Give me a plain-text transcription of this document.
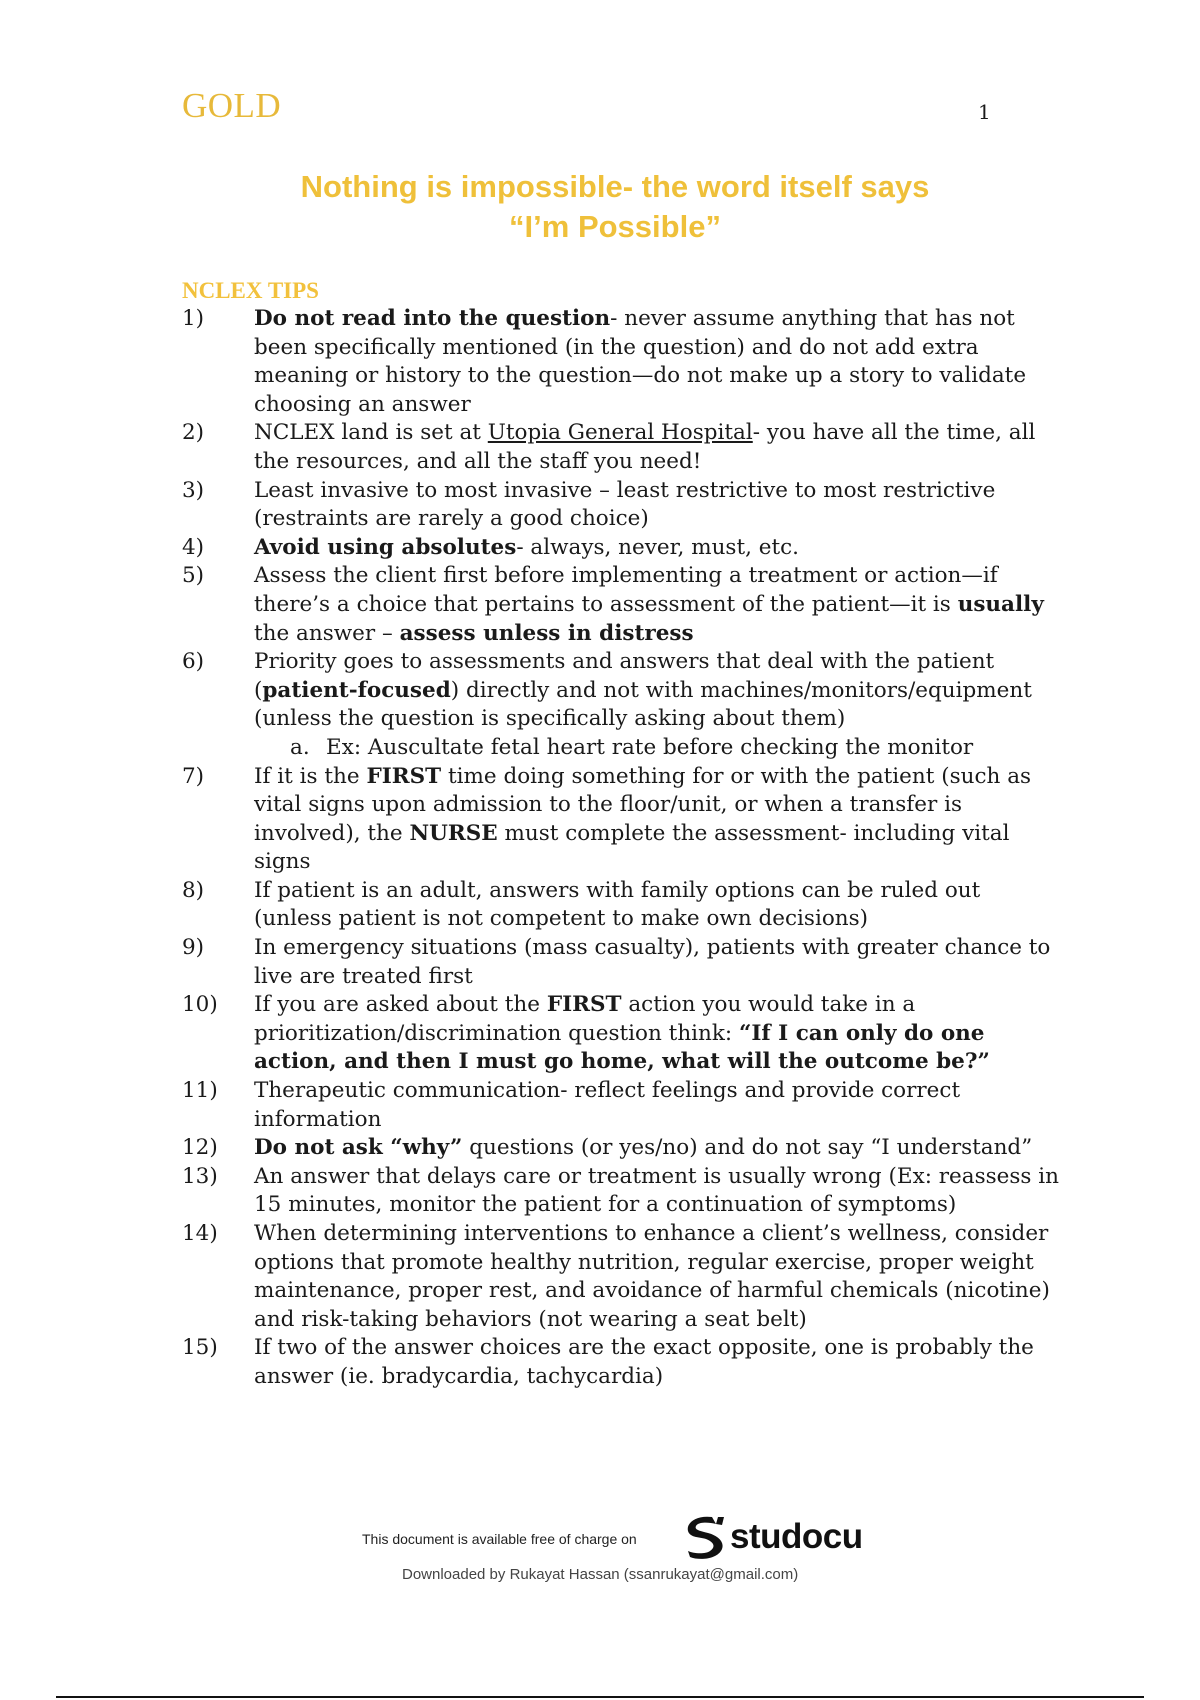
GOLD	1
Nothing is impossible- the word itself says
“I’m Possible”
NCLEX TIPS
1) Do not read into the question- never assume anything that has not been specifically mentioned (in the question) and do not add extra meaning or history to the question—do not make up a story to validate choosing an answer
2) NCLEX land is set at Utopia General Hospital- you have all the time, all the resources, and all the staff you need!
3) Least invasive to most invasive – least restrictive to most restrictive (restraints are rarely a good choice)
4) Avoid using absolutes- always, never, must, etc.
5) Assess the client first before implementing a treatment or action—if there’s a choice that pertains to assessment of the patient—it is usually the answer – assess unless in distress
6) Priority goes to assessments and answers that deal with the patient (patient-focused) directly and not with machines/monitors/equipment (unless the question is specifically asking about them)
a. Ex: Auscultate fetal heart rate before checking the monitor
7) If it is the FIRST time doing something for or with the patient (such as vital signs upon admission to the floor/unit, or when a transfer is involved), the NURSE must complete the assessment- including vital signs
8) If patient is an adult, answers with family options can be ruled out (unless patient is not competent to make own decisions)
9) In emergency situations (mass casualty), patients with greater chance to live are treated first
10) If you are asked about the FIRST action you would take in a prioritization/discrimination question think: “If I can only do one action, and then I must go home, what will the outcome be?”
11) Therapeutic communication- reflect feelings and provide correct information
12) Do not ask “why” questions (or yes/no) and do not say “I understand”
13) An answer that delays care or treatment is usually wrong (Ex: reassess in 15 minutes, monitor the patient for a continuation of symptoms)
14) When determining interventions to enhance a client’s wellness, consider options that promote healthy nutrition, regular exercise, proper weight maintenance, proper rest, and avoidance of harmful chemicals (nicotine) and risk-taking behaviors (not wearing a seat belt)
15) If two of the answer choices are the exact opposite, one is probably the answer (ie. bradycardia, tachycardia)
This document is available free of charge on	studocu
Downloaded by Rukayat Hassan (ssanrukayat@gmail.com)
